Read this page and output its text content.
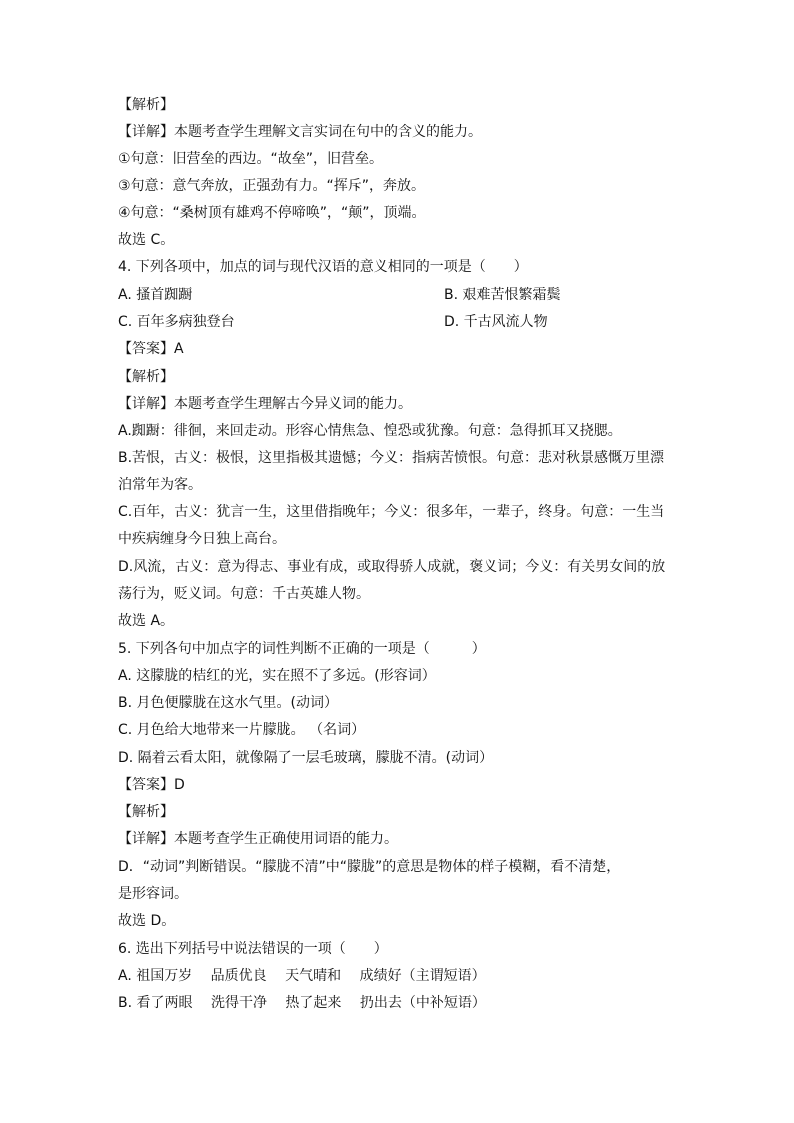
【解析】
【详解】本题考查学生理解文言实词在句中的含义的能力。
①句意：旧营垒的西边。“故垒”，旧营垒。
③句意：意气奔放，正强劲有力。“挥斥”，奔放。
④句意：“桑树顶有雄鸡不停啼唤”，“颠”，顶端。
故选 C。
4. 下列各项中，加点的词与现代汉语的意义相同的一项是（　　）
A. 搔首踟蹰	B. 艰难苦恨繁霜鬓
C. 百年多病独登台	D. 千古风流人物
【答案】A
【解析】
【详解】本题考查学生理解古今异义词的能力。
A.踟蹰：徘徊，来回走动。形容心情焦急、惶恐或犹豫。句意：急得抓耳又挠腮。
B.苦恨，古义：极恨，这里指极其遗憾；今义：指病苦愤恨。句意：悲对秋景感慨万里漂
泊常年为客。
C.百年，古义：犹言一生，这里借指晚年；今义：很多年，一辈子，终身。句意：一生当
中疾病缠身今日独上高台。
D.风流，古义：意为得志、事业有成，或取得骄人成就，褒义词；今义：有关男女间的放
荡行为，贬义词。句意：千古英雄人物。
故选 A。
5. 下列各句中加点字的词性判断不正确的一项是（　　　）
A. 这朦胧的桔红的光，实在照不了多远。(形容词）
B. 月色便朦胧在这水气里。(动词）
C. 月色给大地带来一片朦胧。 （名词）
D. 隔着云看太阳，就像隔了一层毛玻璃，朦胧不清。(动词）
【答案】D
【解析】
【详解】本题考查学生正确使用词语的能力。
D．“动词”判断错误。“朦胧不清”中“朦胧”的意思是物体的样子模糊，看不清楚，
是形容词。
故选 D。
6. 选出下列括号中说法错误的一项（　　）
A. 祖国万岁　 品质优良　 天气晴和　 成绩好（主谓短语）
B. 看了两眼　 洗得干净　 热了起来　 扔出去（中补短语）
